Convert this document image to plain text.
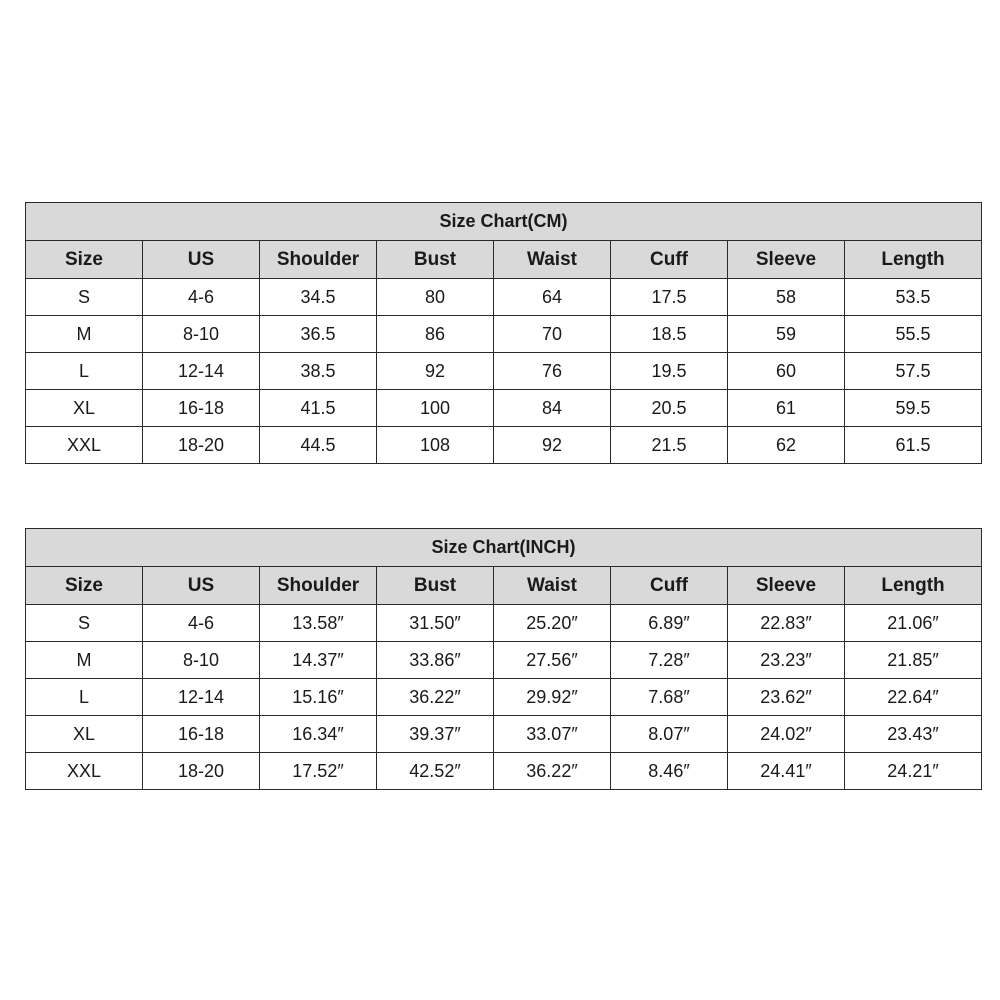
Size Chart(CM)							
Size	US	Shoulder	Bust	Waist	Cuff	Sleeve	Length
S	4-6	34.5	80	64	17.5	58	53.5
M	8-10	36.5	86	70	18.5	59	55.5
L	12-14	38.5	92	76	19.5	60	57.5
XL	16-18	41.5	100	84	20.5	61	59.5
XXL	18-20	44.5	108	92	21.5	62	61.5
Size Chart(INCH)							
Size	US	Shoulder	Bust	Waist	Cuff	Sleeve	Length
S	4-6	13.58″	31.50″	25.20″	6.89″	22.83″	21.06″
M	8-10	14.37″	33.86″	27.56″	7.28″	23.23″	21.85″
L	12-14	15.16″	36.22″	29.92″	7.68″	23.62″	22.64″
XL	16-18	16.34″	39.37″	33.07″	8.07″	24.02″	23.43″
XXL	18-20	17.52″	42.52″	36.22″	8.46″	24.41″	24.21″
